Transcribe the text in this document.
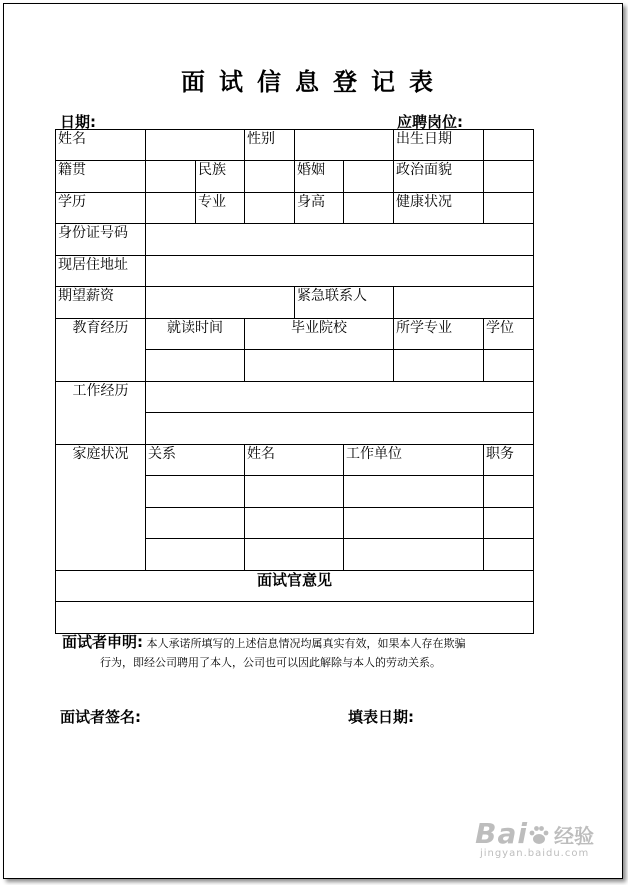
面试信息登记表
日期:	应聘岗位:
姓名			性别			出生日期	
籍贯		民族		婚姻		政治面貌	
学历		专业		身高		健康状况	
身份证号码							
现居住地址							
期望薪资				紧急联系人			
教育经历	就读时间		毕业院校			所学专业	学位

工作经历							

家庭状况	关系		姓名		工作单位		职务

面试官意见							

面试者申明: 本人承诺所填写的上述信息情况均属真实有效，如果本人存在欺骗
行为，即经公司聘用了本人，公司也可以因此解除与本人的劳动关系。
面试者签名:	填表日期:
Bai 经验
jingyan.baidu.com
